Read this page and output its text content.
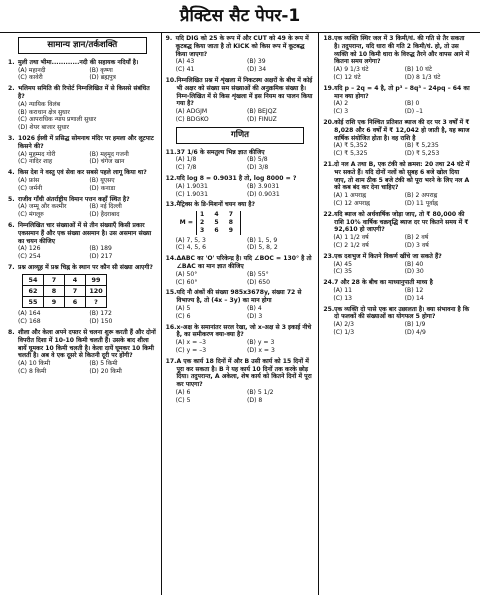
प्रैक्टिस सैट पेपर-1
सामान्य ज्ञान/तर्कशक्ति
1. मुली तथा भीमा............नदी की सहायक नदियाँ है।
(A) महानदी	(B) कृष्णा
(C) कावेरी	(D) ब्रह्मपुत्र
2. भलिमय समिति की रिपोर्ट निम्नलिखित में से किससे संबंधित है?
(A) न्यायिक विलंब
(B) कराधान क्षेत्र सुधार
(C) आपराधिक न्याय प्रणाली सुधार
(D) शेयर बाजार सुधार
3. 1026 ईस्वी में प्रसिद्ध सोमनाथ मंदिर पर हमला और लूटपाट किसने की?
(A) मुहम्मद गोरी	(B) महमूद गजनी
(C) नादिर शाह	(D) चंगेज खान
4. किस देश ने वस्तु एवं सेवा कर सबसे पहले लागू किया था?
(A) फ्रांस	(B) यूएसए
(C) जर्मनी	(D) कनाडा
5. राजीव गाँधी अंतर्राष्ट्रीय विमान पत्तन कहाँ स्थित है?
(A) जम्मू और कश्मीर	(B) नई दिल्ली
(C) मंगलूरु	(D) हैदराबाद
6. निम्नलिखित चार संख्याओं में से तीन संख्याएँ किसी प्रकार एकसमान हैं और एक संख्या असमान है। उस असमान संख्या का चयन कीजिए
(A) 126	(B) 189
(C) 254	(D) 217
7. प्रश्न आव्यूह में प्रश्न चिह्न के स्थान पर कौन सी संख्या आएगी?
54	7	4	99
62	8	7	120
55	9	6	?
(A) 164	(B) 172
(C) 168	(D) 150
8. शीला और केला अपने दफ्तर से चलना शुरू करती हैं और दोनों विपरीत दिशा में 10-10 किमी चलती हैं। उसके बाद शीला बायें घूमकर 10 किमी चलती है। केला दायें घूमकर 10 किमी चलती है। अब वे एक दूसरे से कितनी दूरी पर होंगी?
(A) 10 किमी	(B) 5 किमी
(C) 8 किमी	(D) 20 किमी
9. यदि DIG को 25 के रूप में और CUT को 49 के रूप में कूटबद्ध किया जाता है तो KICK को किस रूप में कूटबद्ध किया जाएगा?
(A) 43	(B) 39
(C) 41	(D) 34
10. निम्नलिखित प्रश्न में शृंखला में निकटस्थ अक्षरों के बीच में कोई भी अक्षर को संख्या सम संख्याओं की अनुक्रमिक संख्या है। निम्न-लिखित में से किस शृंखला में इस नियम का पालन किया गया है?
(A) ADGJM	(B) BEJQZ
(C) BDGKO	(D) FINUZ
गणित
11. 37 1/6 के समतुल्य भिन्न ज्ञात कीजिए
(A) 1/8	(B) 5/8
(C) 7/8	(D) 3/8
12. यदि log 8 = 0.9031 है तो, log 8000 = ?
(A) 1.9031	(B) 3.9031
(C) 1.9031	(D) 0.9031
13. मैट्रिक्स के डि-मिशनों चयन क्या है?
M =
1 4 7
2 5 8
3 6 9
(A) 7, 5, 3	(B) 1, 5, 9
(C) 4, 5, 6	(D) 5, 8, 2
14. ΔABC का 'O' परिकेन्द्र है। यदि ∠BOC = 130° है तो ∠BAC का मान ज्ञात कीजिए
(A) 50°	(B) 55°
(C) 60°	(D) 650
15. यदि नौ अंकों की संख्या 985x3678y, संख्या 72 से विभाज्य है, तो (4x – 3y) का मान होगा
(A) 5	(B) 4
(C) 6	(D) 3
16. x-अक्ष के समानांतर सरल रेखा, जो x-अक्ष से 3 इकाई नीचे है, का समीकरण क्या-क्या है?
(A) x = –3	(B) y = 3
(C) y = –3	(D) x = 3
17. A एक कार्य 18 दिनों में और B उसी कार्य को 15 दिनों में पूरा कर सकता है। B ने यह कार्य 10 दिनों तक करके छोड़ दिया। तदुपरान्त, A अकेला, शेष कार्य को कितने दिनों में पूरा कर पाएगा?
(A) 6	(B) 5 1/2
(C) 5	(D) 8
18. एक व्यक्ति स्थिर जल में 3 किमी/घं. की गति से तैर सकता है। तदुपरान्त, यदि धारा की गति 2 किमी/घं. हो, तो उस व्यक्ति को 10 किमी धारा के विरुद्ध तैरने और वापस आने में कितना समय लगेगा?
(A) 9 1/3 घंटे	(B) 10 घंटे
(C) 12 घंटे	(D) 8 1/3 घंटे
19. यदि p – 2q = 4 है, तो p³ – 8q³ – 24pq – 64 का मान क्या होगा?
(A) 2	(B) 0
(C) 3	(D) –1
20. कोई राशि एक निश्चित प्रतिशत ब्याज की दर पर 3 वर्षों में ₹ 8,028 और 6 वर्षों में ₹ 12,042 हो जाती है, यह ब्याज वार्षिक संयोजित होता है। वह राशि है
(A) ₹ 5,352	(B) ₹ 5,235
(C) ₹ 5,325	(D) ₹ 5,253
21. दो नल A तथा B, एक टंकी को क्रमश: 20 तथा 24 घंटे में भर सकते हैं। यदि दोनों नलों को सुबह 6 बजे खोल दिया जाए, तो शाम ठीक 5 बजे टंकी को पूरा भरने के लिए नल A को कब बंद कर देना चाहिए?
(A) 1 अपराह्न	(B) 2 अपराह्न
(C) 12 अपराह्न	(D) 11 पूर्वाह्न
22. यदि ब्याज को अर्धवार्षिक जोड़ा जाए, तो ₹ 80,000 की राशि 10% वार्षिक चक्रवृद्धि ब्याज दर पर कितने समय में ₹ 92,610 हो जाएगी?
(A) 1 1/2 वर्ष	(B) 2 वर्ष
(C) 2 1/2 वर्ष	(D) 3 वर्ष
23. एक दशभुज में कितने विकर्ण खींचे जा सकते हैं?
(A) 45	(B) 40
(C) 35	(D) 30
24. 7 और 28 के बीच का माध्यानुपाती माध्य है
(A) 11	(B) 12
(C) 13	(D) 14
25. एक व्यक्ति दो पासे एक बार उछालता है। क्या संभावना है कि दो फलकों की संख्याओं का योगफल 5 होगा?
(A) 2/3	(B) 1/9
(C) 1/3	(D) 4/9
